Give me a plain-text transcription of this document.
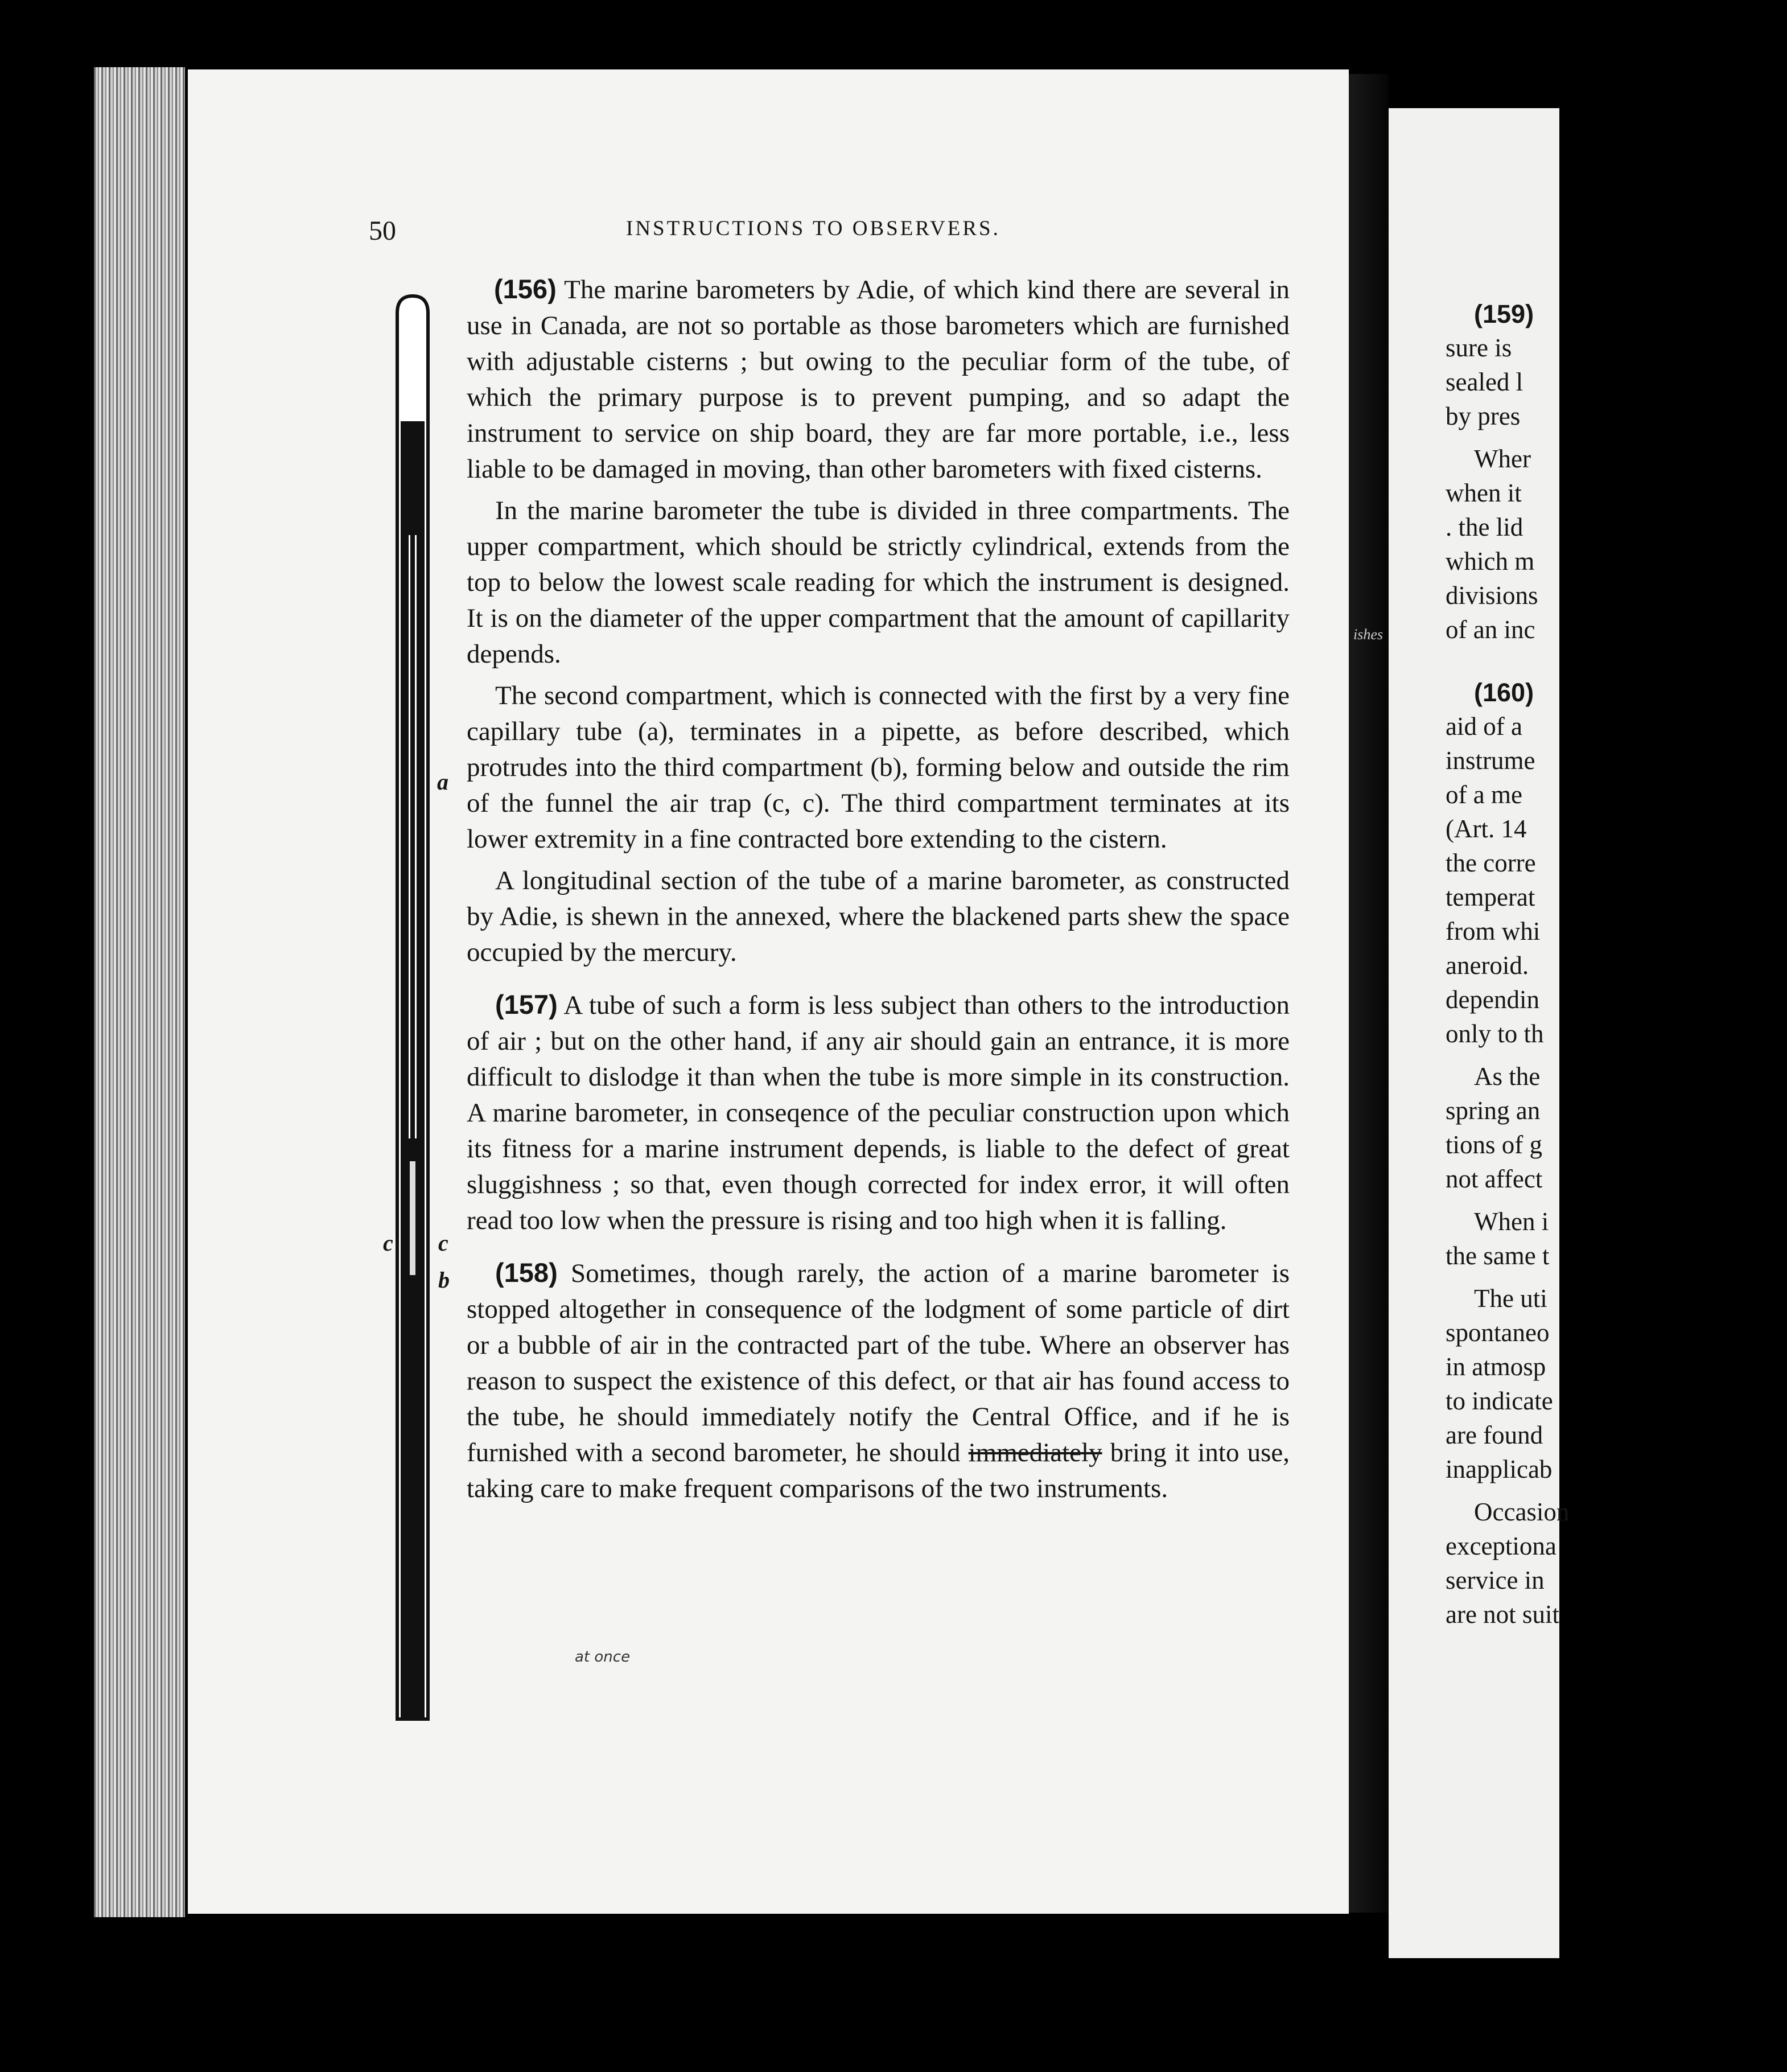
50	INSTRUCTIONS TO OBSERVERS.
a
c c
b

(156) The marine barometers by Adie, of which kind there are several in use in Canada, are not so portable as those barometers which are furnished with adjustable cisterns ; but owing to the peculiar form of the tube, of which the primary purpose is to prevent pumping, and so adapt the instrument to service on ship board, they are far more portable, i.e., less liable to be damaged in moving, than other barometers with fixed cisterns.

In the marine barometer the tube is divided in three compartments. The upper compartment, which should be strictly cylindrical, extends from the top to below the lowest scale reading for which the instrument is designed. It is on the diameter of the upper compartment that the amount of capillarity depends.

The second compartment, which is connected with the first by a very fine capillary tube (a), terminates in a pipette, as before described, which protrudes into the third compartment (b), forming below and outside the rim of the funnel the air trap (c, c). The third compartment terminates at its lower extremity in a fine contracted bore extending to the cistern.

A longitudinal section of the tube of a marine barometer, as constructed by Adie, is shewn in the annexed, where the blackened parts shew the space occupied by the mercury.

(157) A tube of such a form is less subject than others to the introduction of air ; but on the other hand, if any air should gain an entrance, it is more difficult to dislodge it than when the tube is more simple in its construction. A marine barometer, in conseqence of the peculiar construction upon which its fitness for a marine instrument depends, is liable to the defect of great sluggishness ; so that, even though corrected for index error, it will often read too low when the pressure is rising and too high when it is falling.

(158) Sometimes, though rarely, the action of a marine barometer is stopped altogether in consequence of the lodgment of some particle of dirt or a bubble of air in the contracted part of the tube. Where an observer has reason to suspect the existence of this defect, or that air has found access to the tube, he should immediately notify the Central Office, and if he is furnished with a second barometer, he should immediately bring it into use, taking care to make frequent comparisons of the two instruments.

at once
ishes
(159)
sure is
sealed l
by pres
Wher
when it
. the lid
which m
divisions
of an inc
(160)
aid of a
instrume
of a me
(Art. 14
the corre
temperat
from whi
aneroid.
dependin
only to th
As the
spring an
tions of g
not affect
When i
the same t
The uti
spontaneo
in atmosp
to indicate
are found
inapplicab
Occasion
exceptiona
service in
are not suit
